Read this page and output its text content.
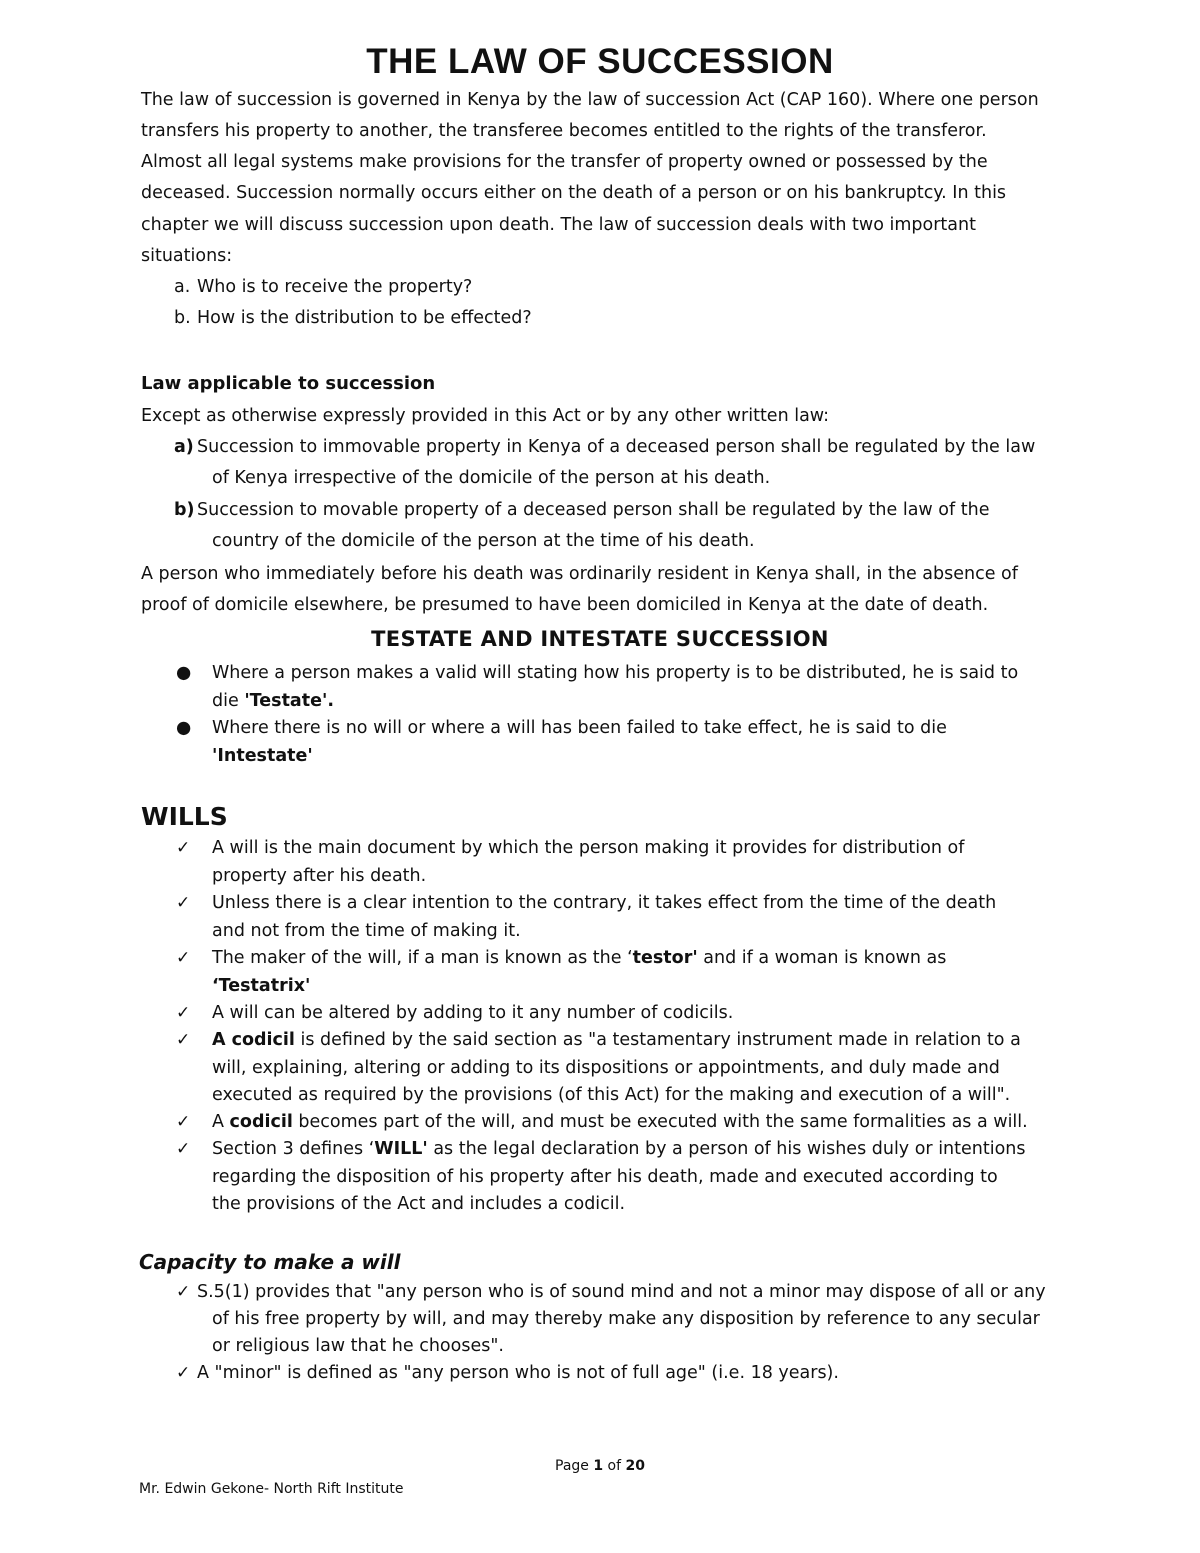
THE LAW OF SUCCESSION
The law of succession is governed in Kenya by the law of succession Act (CAP 160). Where one person
transfers his property to another, the transferee becomes entitled to the rights of the transferor.
Almost all legal systems make provisions for the transfer of property owned or possessed by the
deceased. Succession normally occurs either on the death of a person or on his bankruptcy. In this
chapter we will discuss succession upon death. The law of succession deals with two important
situations:
a. Who is to receive the property?
b. How is the distribution to be effected?
Law applicable to succession
Except as otherwise expressly provided in this Act or by any other written law:
a) Succession to immovable property in Kenya of a deceased person shall be regulated by the law
of Kenya irrespective of the domicile of the person at his death.
b) Succession to movable property of a deceased person shall be regulated by the law of the
country of the domicile of the person at the time of his death.
A person who immediately before his death was ordinarily resident in Kenya shall, in the absence of
proof of domicile elsewhere, be presumed to have been domiciled in Kenya at the date of death.
TESTATE AND INTESTATE SUCCESSION
● Where a person makes a valid will stating how his property is to be distributed, he is said to
die 'Testate'.
● Where there is no will or where a will has been failed to take effect, he is said to die
'Intestate'
WILLS
✓ A will is the main document by which the person making it provides for distribution of
property after his death.
✓ Unless there is a clear intention to the contrary, it takes effect from the time of the death
and not from the time of making it.
✓ The maker of the will, if a man is known as the ‘testor' and if a woman is known as
‘Testatrix'
✓ A will can be altered by adding to it any number of codicils.
✓ A codicil is defined by the said section as "a testamentary instrument made in relation to a
will, explaining, altering or adding to its dispositions or appointments, and duly made and
executed as required by the provisions (of this Act) for the making and execution of a will".
✓ A codicil becomes part of the will, and must be executed with the same formalities as a will.
✓ Section 3 defines ‘WILL' as the legal declaration by a person of his wishes duly or intentions
regarding the disposition of his property after his death, made and executed according to
the provisions of the Act and includes a codicil.
Capacity to make a will
✓ S.5(1) provides that "any person who is of sound mind and not a minor may dispose of all or any
of his free property by will, and may thereby make any disposition by reference to any secular
or religious law that he chooses".
✓ A "minor" is defined as "any person who is not of full age" (i.e. 18 years).
Page 1 of 20
Mr. Edwin Gekone- North Rift Institute
